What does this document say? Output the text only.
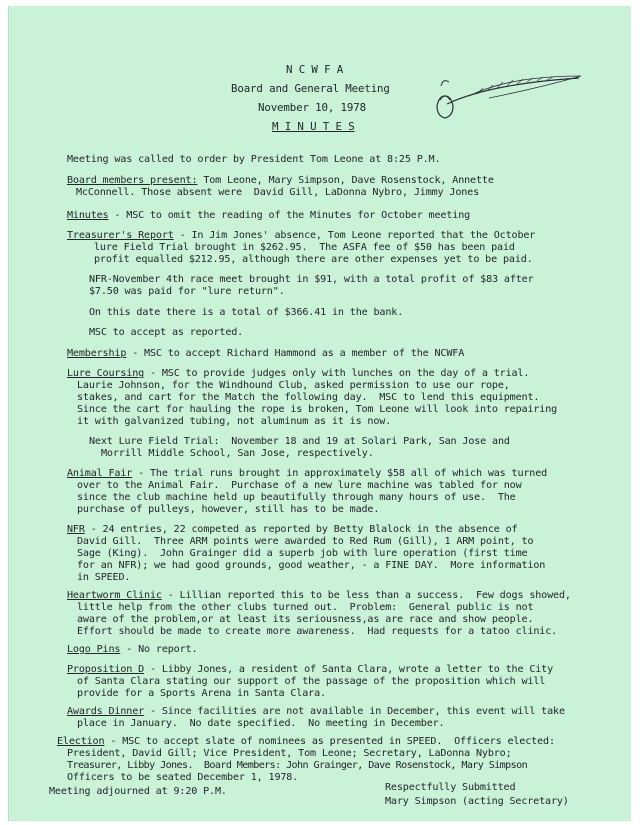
N C W F A
Board and General Meeting
November 10, 1978
M I N U T E S
Meeting was called to order by President Tom Leone at 8:25 P.M.
Board members present: Tom Leone, Mary Simpson, Dave Rosenstock, Annette
McConnell. Those absent were  David Gill, LaDonna Nybro, Jimmy Jones
Minutes - MSC to omit the reading of the Minutes for October meeting
Treasurer's Report - In Jim Jones' absence, Tom Leone reported that the October
lure Field Trial brought in $262.95.  The ASFA fee of $50 has been paid
profit equalled $212.95, although there are other expenses yet to be paid.
NFR-November 4th race meet brought in $91, with a total profit of $83 after
$7.50 was paid for "lure return".
On this date there is a total of $366.41 in the bank.
MSC to accept as reported.
Membership - MSC to accept Richard Hammond as a member of the NCWFA
Lure Coursing - MSC to provide judges only with lunches on the day of a trial.
Laurie Johnson, for the Windhound Club, asked permission to use our rope,
stakes, and cart for the Match the following day.  MSC to lend this equipment.
Since the cart for hauling the rope is broken, Tom Leone will look into repairing
it with galvanized tubing, not aluminum as it is now.
Next Lure Field Trial:  November 18 and 19 at Solari Park, San Jose and
Morrill Middle School, San Jose, respectively.
Animal Fair - The trial runs brought in approximately $58 all of which was turned
over to the Animal Fair.  Purchase of a new lure machine was tabled for now
since the club machine held up beautifully through many hours of use.  The
purchase of pulleys, however, still has to be made.
NFR - 24 entries, 22 competed as reported by Betty Blalock in the absence of
David Gill.  Three ARM points were awarded to Red Rum (Gill), 1 ARM point, to
Sage (King).  John Grainger did a superb job with lure operation (first time
for an NFR); we had good grounds, good weather, - a FINE DAY.  More information
in SPEED.
Heartworm Clinic - Lillian reported this to be less than a success.  Few dogs showed,
little help from the other clubs turned out.  Problem:  General public is not
aware of the problem,or at least its seriousness,as are race and show people.
Effort should be made to create more awareness.  Had requests for a tatoo clinic.
Logo Pins - No report.
Proposition D - Libby Jones, a resident of Santa Clara, wrote a letter to the City
of Santa Clara stating our support of the passage of the proposition which will
provide for a Sports Arena in Santa Clara.
Awards Dinner - Since facilities are not available in December, this event will take
place in January.  No date specified.  No meeting in December.
Election - MSC to accept slate of nominees as presented in SPEED.  Officers elected:
President, David Gill; Vice President, Tom Leone; Secretary, LaDonna Nybro;
Treasurer, Libby Jones.  Board Members: John Grainger, Dave Rosenstock, Mary Simpson
Officers to be seated December 1, 1978.
Meeting adjourned at 9:20 P.M.	Respectfully Submitted
Mary Simpson (acting Secretary)
